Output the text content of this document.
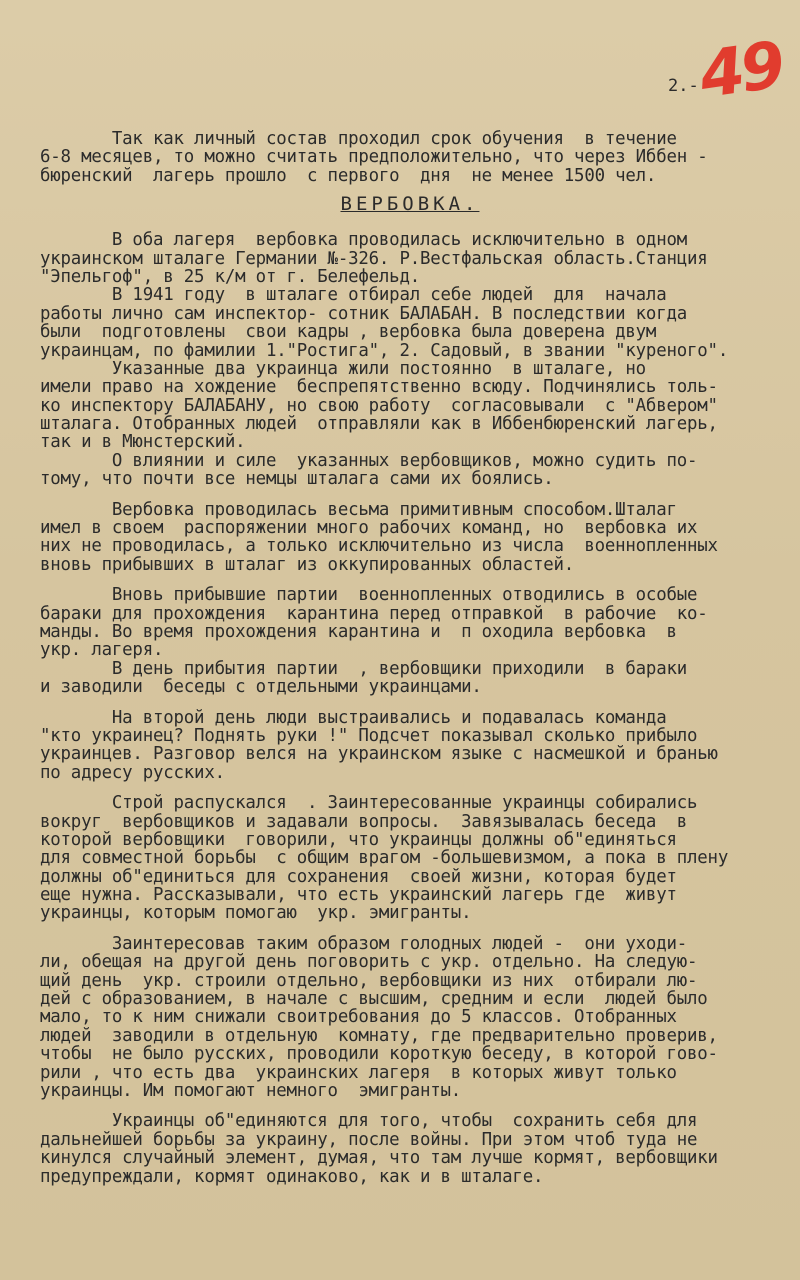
2.-
49
Так как личный состав проходил срок обучения  в течение
6-8 месяцев, то можно считать предположительно, что через Иббен -
бюренский  лагерь прошло  с первого  дня  не менее 1500 чел.
ВЕРБОВКА.
В оба лагеря  вербовка проводилась исключительно в одном
украинском шталаге Германии №-326. Р.Вестфальская область.Станция
"Эпельгоф", в 25 к/м от г. Белефельд.
В 1941 году  в шталаге отбирал себе людей  для  начала
работы лично сам инспектор- сотник БАЛАБАН. В последствии когда
были  подготовлены  свои кадры , вербовка была доверена двум
украинцам, по фамилии 1."Ростига", 2. Садовый, в звании "куреного".
Указанные два украинца жили постоянно  в шталаге, но
имели право на хождение  беспрепятственно всюду. Подчинялись толь-
ко инспектору БАЛАБАНУ, но свою работу  согласовывали  с "Абвером"
шталага. Отобранных людей  отправляли как в Иббенбюренский лагерь,
так и в Мюнстерский.
О влиянии и силе  указанных вербовщиков, можно судить по-
тому, что почти все немцы шталага сами их боялись.
Вербовка проводилась весьма примитивным способом.Шталаг
имел в своем  распоряжении много рабочих команд, но  вербовка их
них не проводилась, а только исключительно из числа  военнопленных
вновь прибывших в шталаг из оккупированных областей.
Вновь прибывшие партии  военнопленных отводились в особые
бараки для прохождения  карантина перед отправкой  в рабочие  ко-
манды. Во время прохождения карантина и  п оходила вербовка  в
укр. лагеря.
В день прибытия партии  , вербовщики приходили  в бараки
и заводили  беседы с отдельными украинцами.
На второй день люди выстраивались и подавалась команда
"кто украинец? Поднять руки !" Подсчет показывал сколько прибыло
украинцев. Разговор велся на украинском языке с насмешкой и бранью
по адресу русских.
Строй распускался  . Заинтересованные украинцы собирались
вокруг  вербовщиков и задавали вопросы.  Завязывалась беседа  в
которой вербовщики  говорили, что украинцы должны об"единяться
для совместной борьбы  с общим врагом -большевизмом, а пока в плену
должны об"единиться для сохранения  своей жизни, которая будет
еще нужна. Рассказывали, что есть украинский лагерь где  живут
украинцы, которым помогаю  укр. эмигранты.
Заинтересовав таким образом голодных людей -  они уходи-
ли, обещая на другой день поговорить с укр. отдельно. На следую-
щий день  укр. строили отдельно, вербовщики из них  отбирали лю-
дей с образованием, в начале с высшим, средним и если  людей было
мало, то к ним снижали своитребования до 5 классов. Отобранных
людей  заводили в отдельную  комнату, где предварительно проверив,
чтобы  не было русских, проводили короткую беседу, в которой гово-
рили , что есть два  украинских лагеря  в которых живут только
украинцы. Им помогают немного  эмигранты.
Украинцы об"единяются для того, чтобы  сохранить себя для
дальнейшей борьбы за украину, после войны. При этом чтоб туда не
кинулся случайный элемент, думая, что там лучше кормят, вербовщики
предупреждали, кормят одинаково, как и в шталаге.
